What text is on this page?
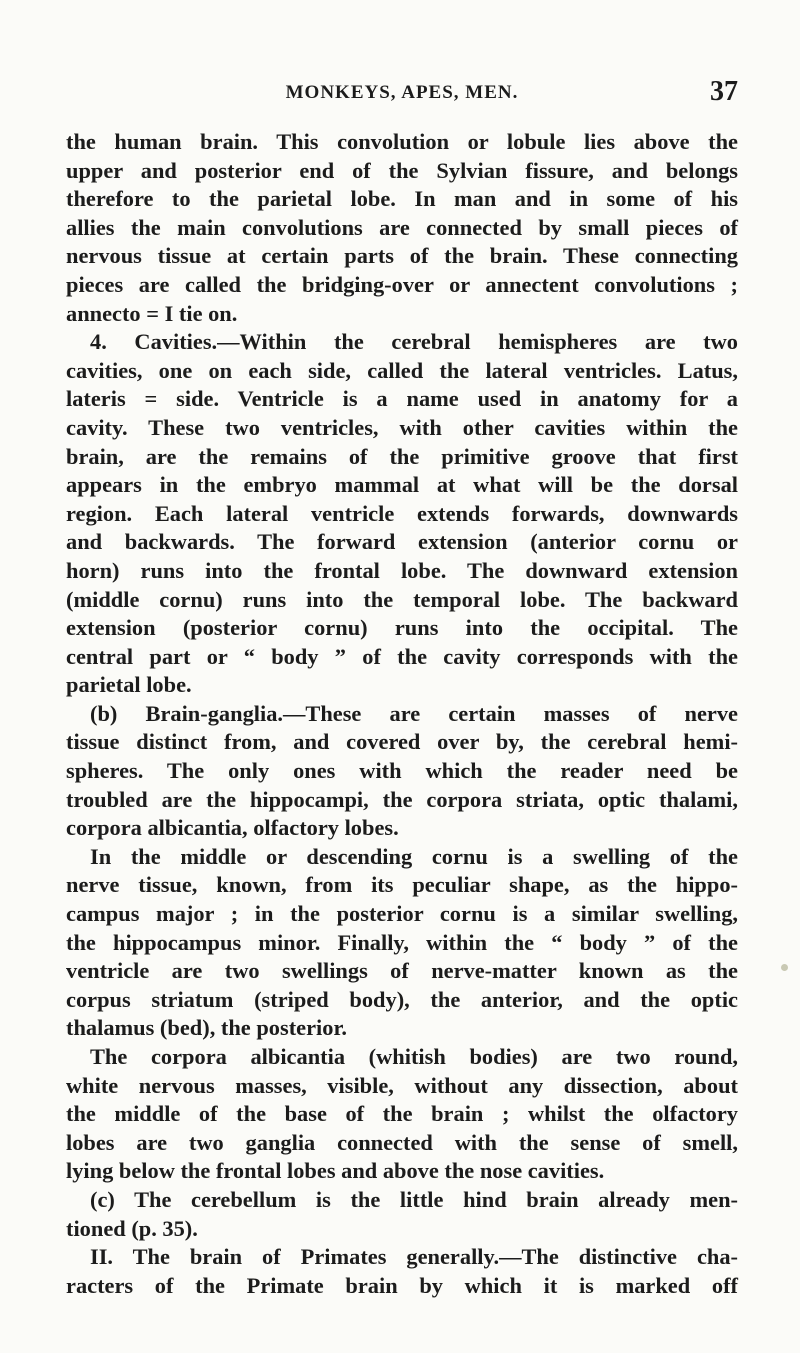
MONKEYS, APES, MEN.	37
the human brain. This convolution or lobule lies above the
upper and posterior end of the Sylvian fissure, and belongs
therefore to the parietal lobe. In man and in some of his
allies the main convolutions are connected by small pieces of
nervous tissue at certain parts of the brain. These connecting
pieces are called the bridging-over or annectent convolutions ;
annecto = I tie on.
4. Cavities.—Within the cerebral hemispheres are two
cavities, one on each side, called the lateral ventricles. Latus,
lateris = side. Ventricle is a name used in anatomy for a
cavity. These two ventricles, with other cavities within the
brain, are the remains of the primitive groove that first
appears in the embryo mammal at what will be the dorsal
region. Each lateral ventricle extends forwards, downwards
and backwards. The forward extension (anterior cornu or
horn) runs into the frontal lobe. The downward extension
(middle cornu) runs into the temporal lobe. The backward
extension (posterior cornu) runs into the occipital. The
central part or “ body ” of the cavity corresponds with the
parietal lobe.
(b) Brain-ganglia.—These are certain masses of nerve
tissue distinct from, and covered over by, the cerebral hemi-
spheres. The only ones with which the reader need be
troubled are the hippocampi, the corpora striata, optic thalami,
corpora albicantia, olfactory lobes.
In the middle or descending cornu is a swelling of the
nerve tissue, known, from its peculiar shape, as the hippo-
campus major ; in the posterior cornu is a similar swelling,
the hippocampus minor. Finally, within the “ body ” of the
ventricle are two swellings of nerve-matter known as the
corpus striatum (striped body), the anterior, and the optic
thalamus (bed), the posterior.
The corpora albicantia (whitish bodies) are two round,
white nervous masses, visible, without any dissection, about
the middle of the base of the brain ; whilst the olfactory
lobes are two ganglia connected with the sense of smell,
lying below the frontal lobes and above the nose cavities.
(c) The cerebellum is the little hind brain already men-
tioned (p. 35).
II. The brain of Primates generally.—The distinctive cha-
racters of the Primate brain by which it is marked off
